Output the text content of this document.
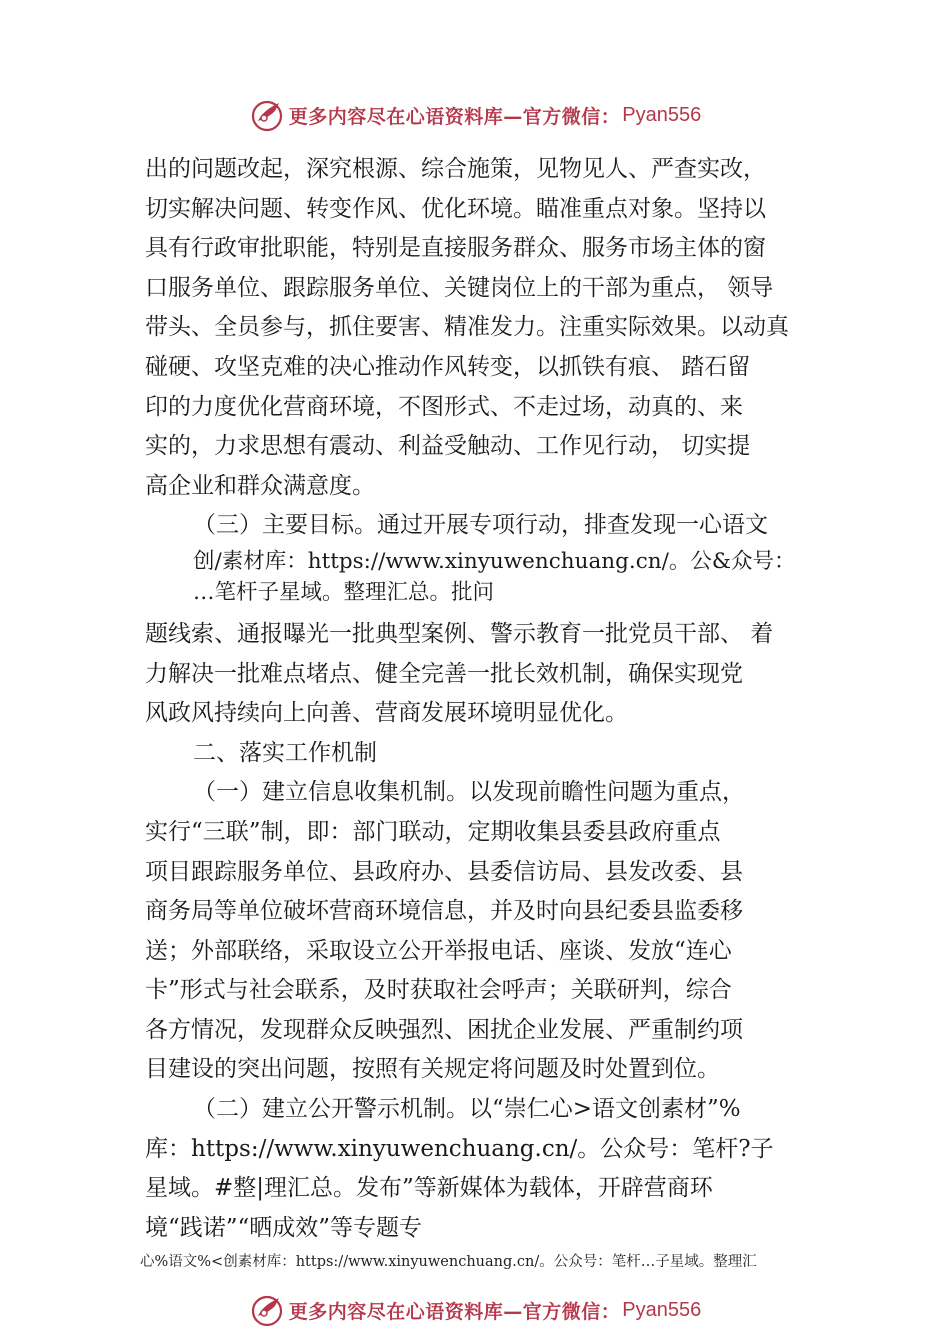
更多内容尽在心语资料库—官方微信： Pyan556
出的问题改起，深究根源、综合施策，见物见人、严查实改，
切实解决问题、转变作风、优化环境。瞄准重点对象。坚持以
具有行政审批职能，特别是直接服务群众、服务市场主体的窗
口服务单位、跟踪服务单位、关键岗位上的干部为重点， 领导
带头、全员参与，抓住要害、精准发力。注重实际效果。以动真
碰硬、攻坚克难的决心推动作风转变，以抓铁有痕、 踏石留
印的力度优化营商环境，不图形式、不走过场，动真的、来
实的，力求思想有震动、利益受触动、工作见行动， 切实提
高企业和群众满意度。
（三）主要目标。通过开展专项行动，排查发现一心语文
创/素材库：https://www.xinyuwenchuang.cn/。公&众号：
…笔杆子星域。整理汇总。批问
题线索、通报曝光一批典型案例、警示教育一批党员干部、 着
力解决一批难点堵点、健全完善一批长效机制，确保实现党
风政风持续向上向善、营商发展环境明显优化。
二、落实工作机制
（一）建立信息收集机制。以发现前瞻性问题为重点，
实行“三联”制，即：部门联动，定期收集县委县政府重点
项目跟踪服务单位、县政府办、县委信访局、县发改委、县
商务局等单位破坏营商环境信息，并及时向县纪委县监委移
送；外部联络，采取设立公开举报电话、座谈、发放“连心
卡”形式与社会联系，及时获取社会呼声；关联研判，综合
各方情况，发现群众反映强烈、困扰企业发展、严重制约项
目建设的突出问题，按照有关规定将问题及时处置到位。
（二）建立公开警示机制。以“崇仁心>语文创素材”%
库：https://www.xinyuwenchuang.cn/。公众号：笔杆?子
星域。#整|理汇总。发布”等新媒体为载体，开辟营商环
境“践诺”“晒成效”等专题专
心%语文%<创素材库：https://www.xinyuwenchuang.cn/。公众号：笔杆…子星域。整理汇
更多内容尽在心语资料库—官方微信： Pyan556
